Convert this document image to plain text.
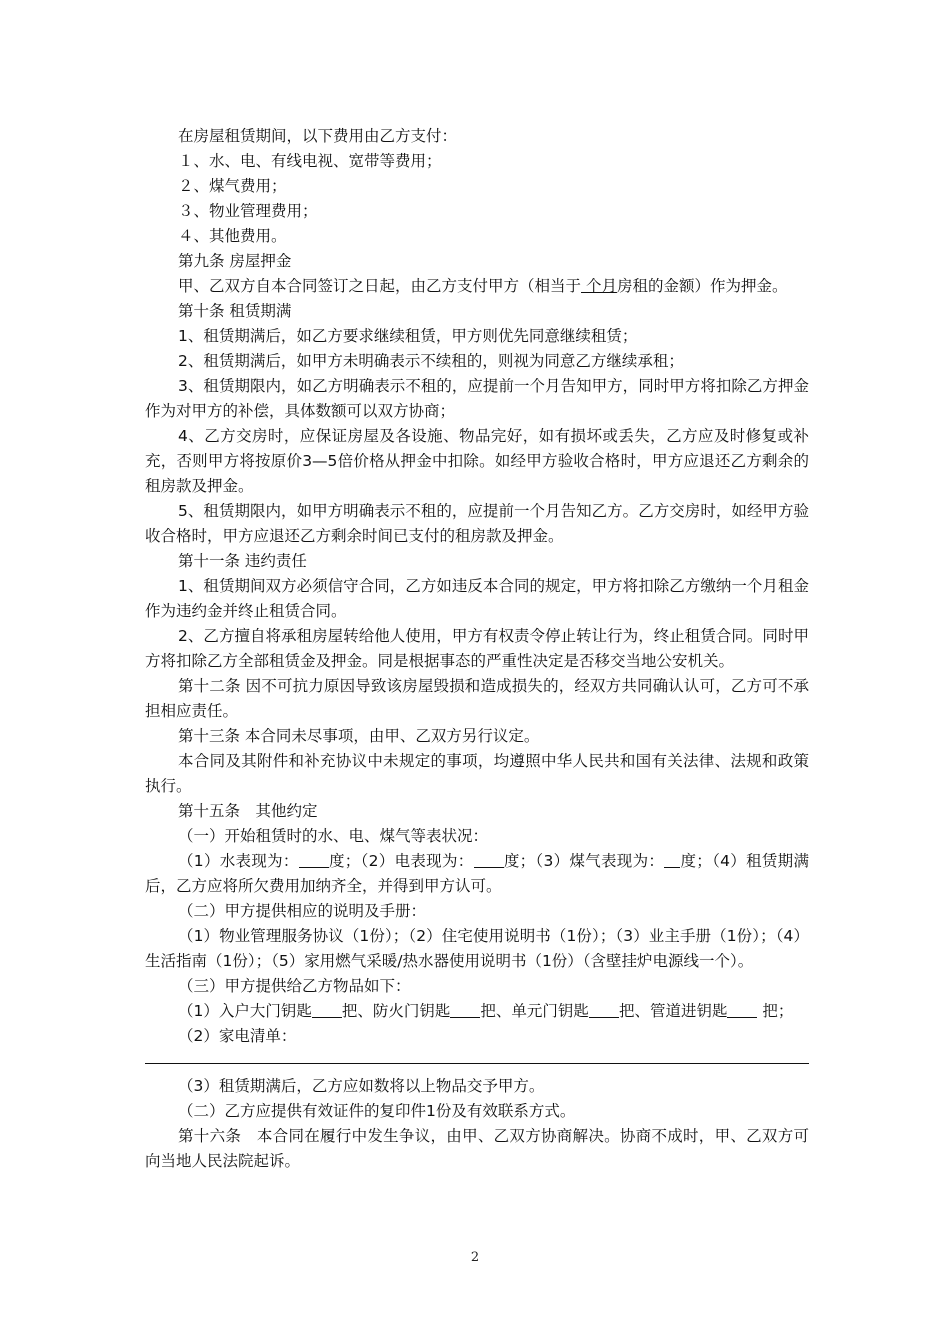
在房屋租赁期间，以下费用由乙方支付：

１、水、电、有线电视、宽带等费用；

２、煤气费用；

３、物业管理费用；

４、其他费用。

第九条 房屋押金

甲、乙双方自本合同签订之日起，由乙方支付甲方（相当于 个月房租的金额）作为押金。

第十条 租赁期满

1、租赁期满后，如乙方要求继续租赁，甲方则优先同意继续租赁；

2、租赁期满后，如甲方未明确表示不续租的，则视为同意乙方继续承租；

3、租赁期限内，如乙方明确表示不租的，应提前一个月告知甲方，同时甲方将扣除乙方押金作为对甲方的补偿，具体数额可以双方协商；

4、乙方交房时，应保证房屋及各设施、物品完好，如有损坏或丢失，乙方应及时修复或补充，否则甲方将按原价3—5倍价格从押金中扣除。如经甲方验收合格时，甲方应退还乙方剩余的租房款及押金。

5、租赁期限内，如甲方明确表示不租的，应提前一个月告知乙方。乙方交房时，如经甲方验收合格时，甲方应退还乙方剩余时间已支付的租房款及押金。

第十一条 违约责任

1、租赁期间双方必须信守合同，乙方如违反本合同的规定，甲方将扣除乙方缴纳一个月租金作为违约金并终止租赁合同。

2、乙方擅自将承租房屋转给他人使用，甲方有权责令停止转让行为，终止租赁合同。同时甲方将扣除乙方全部租赁金及押金。同是根据事态的严重性决定是否移交当地公安机关。

第十二条 因不可抗力原因导致该房屋毁损和造成损失的，经双方共同确认认可，乙方可不承担相应责任。

第十三条 本合同未尽事项，由甲、乙双方另行议定。

本合同及其附件和补充协议中未规定的事项，均遵照中华人民共和国有关法律、法规和政策执行。

第十五条　其他约定

（一）开始租赁时的水、电、煤气等表状况：

（1）水表现为： 度；（2）电表现为： 度；（3）煤气表现为： 度；（4）租赁期满后，乙方应将所欠费用加纳齐全，并得到甲方认可。

（二）甲方提供相应的说明及手册：

（1）物业管理服务协议（1份）；（2）住宅使用说明书（1份）；（3）业主手册（1份）；（4）生活指南（1份）；（5）家用燃气采暖/热水器使用说明书（1份）（含壁挂炉电源线一个）。

（三）甲方提供给乙方物品如下：

（1）入户大门钥匙 把、防火门钥匙 把、单元门钥匙 把、管道进钥匙 把；

（2）家电清单：

（3）租赁期满后，乙方应如数将以上物品交予甲方。

（二）乙方应提供有效证件的复印件1份及有效联系方式。

第十六条　本合同在履行中发生争议，由甲、乙双方协商解决。协商不成时，甲、乙双方可向当地人民法院起诉。

2
